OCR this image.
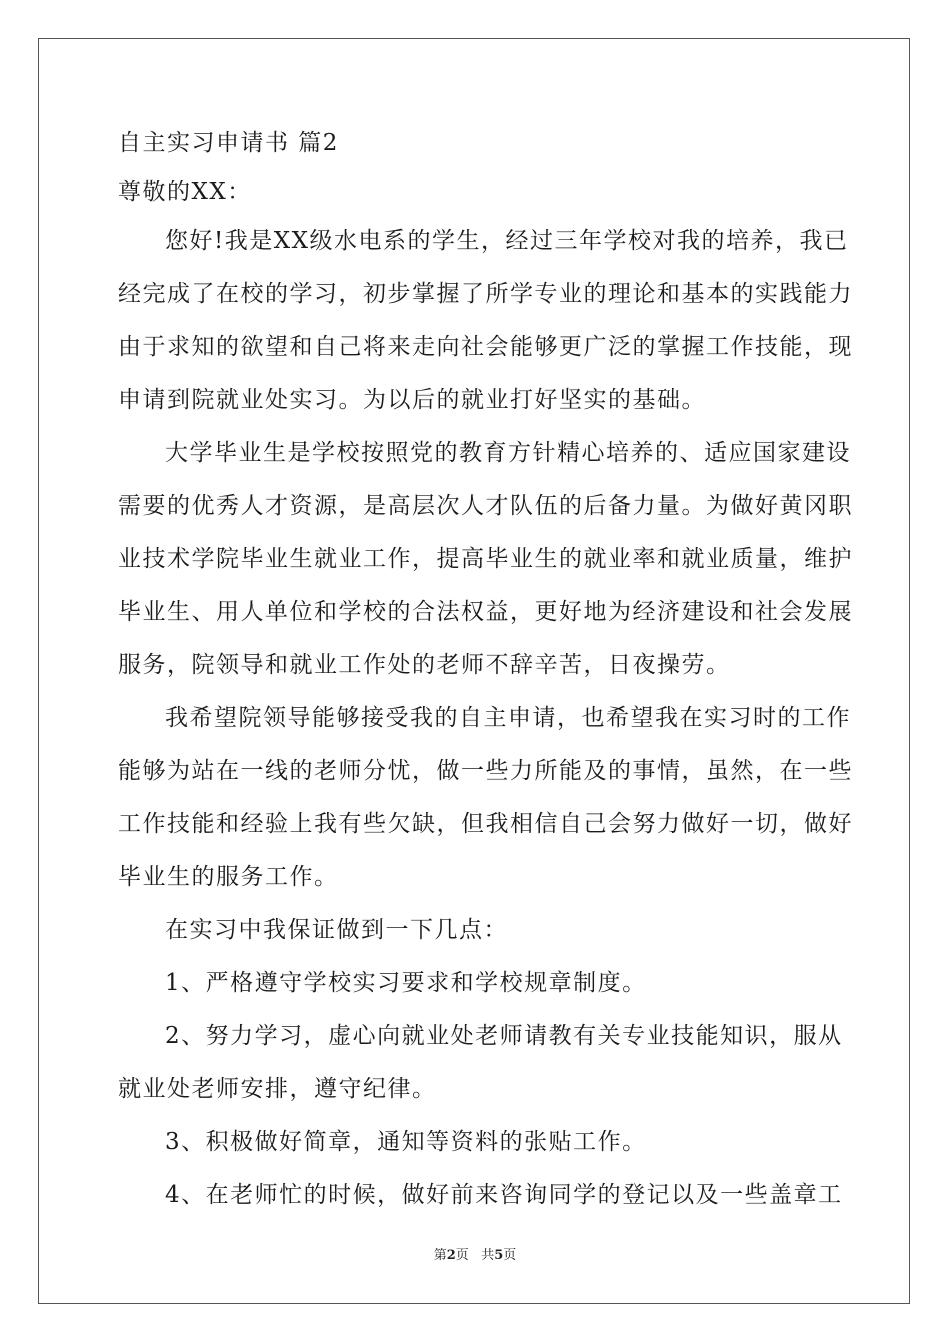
自主实习申请书 篇2
尊敬的XX：
您好!我是XX级水电系的学生，经过三年学校对我的培养，我已
经完成了在校的学习，初步掌握了所学专业的理论和基本的实践能力
由于求知的欲望和自己将来走向社会能够更广泛的掌握工作技能，现
申请到院就业处实习。为以后的就业打好坚实的基础。
大学毕业生是学校按照党的教育方针精心培养的、适应国家建设
需要的优秀人才资源，是高层次人才队伍的后备力量。为做好黄冈职
业技术学院毕业生就业工作，提高毕业生的就业率和就业质量，维护
毕业生、用人单位和学校的合法权益，更好地为经济建设和社会发展
服务，院领导和就业工作处的老师不辞辛苦，日夜操劳。
我希望院领导能够接受我的自主申请，也希望我在实习时的工作
能够为站在一线的老师分忧，做一些力所能及的事情，虽然，在一些
工作技能和经验上我有些欠缺，但我相信自己会努力做好一切，做好
毕业生的服务工作。
在实习中我保证做到一下几点：
1、严格遵守学校实习要求和学校规章制度。
2、努力学习，虚心向就业处老师请教有关专业技能知识，服从
就业处老师安排，遵守纪律。
3、积极做好简章，通知等资料的张贴工作。
4、在老师忙的时候，做好前来咨询同学的登记以及一些盖章工
第2页 共5页
